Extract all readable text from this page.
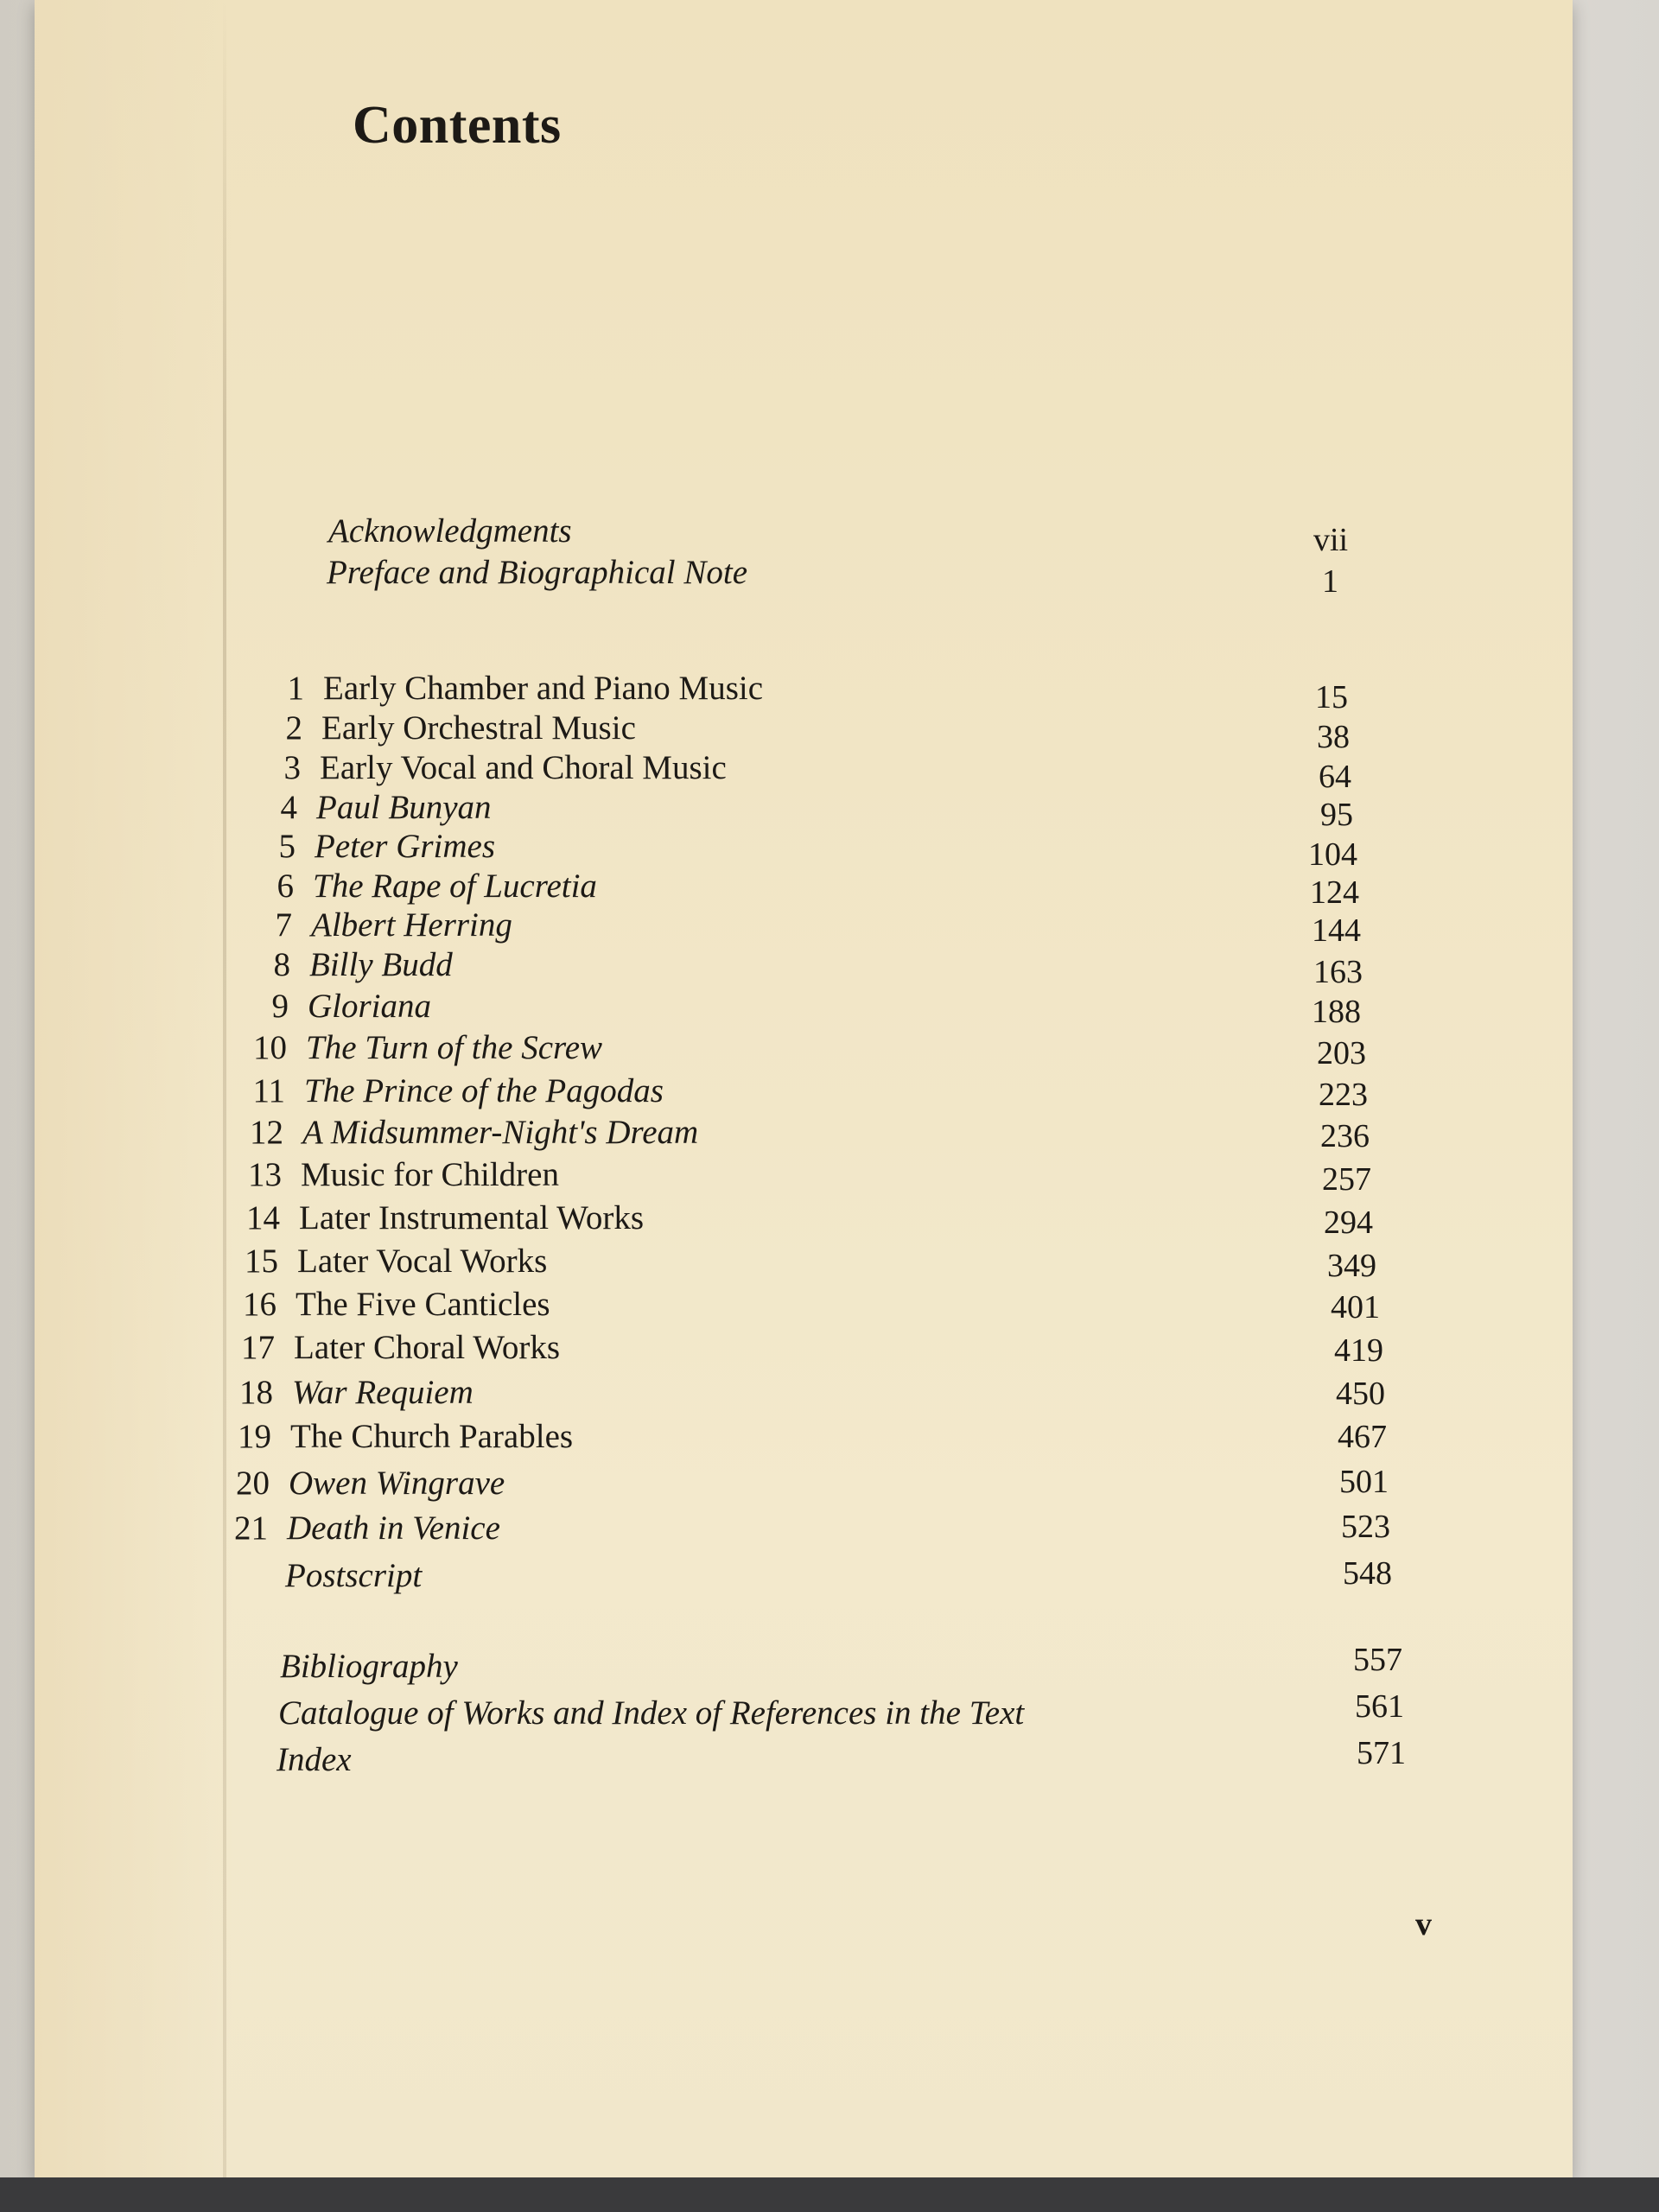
Contents
Acknowledgments	vii
Preface and Biographical Note	1
1 Early Chamber and Piano Music	15
2 Early Orchestral Music	38
3 Early Vocal and Choral Music	64
4 Paul Bunyan	95
5 Peter Grimes	104
6 The Rape of Lucretia	124
7 Albert Herring	144
8 Billy Budd	163
9 Gloriana	188
10 The Turn of the Screw	203
11 The Prince of the Pagodas	223
12 A Midsummer-Night's Dream	236
13 Music for Children	257
14 Later Instrumental Works	294
15 Later Vocal Works	349
16 The Five Canticles	401
17 Later Choral Works	419
18 War Requiem	450
19 The Church Parables	467
20 Owen Wingrave	501
21 Death in Venice	523
Postscript	548
Bibliography	557
Catalogue of Works and Index of References in the Text	561
Index	571
v
